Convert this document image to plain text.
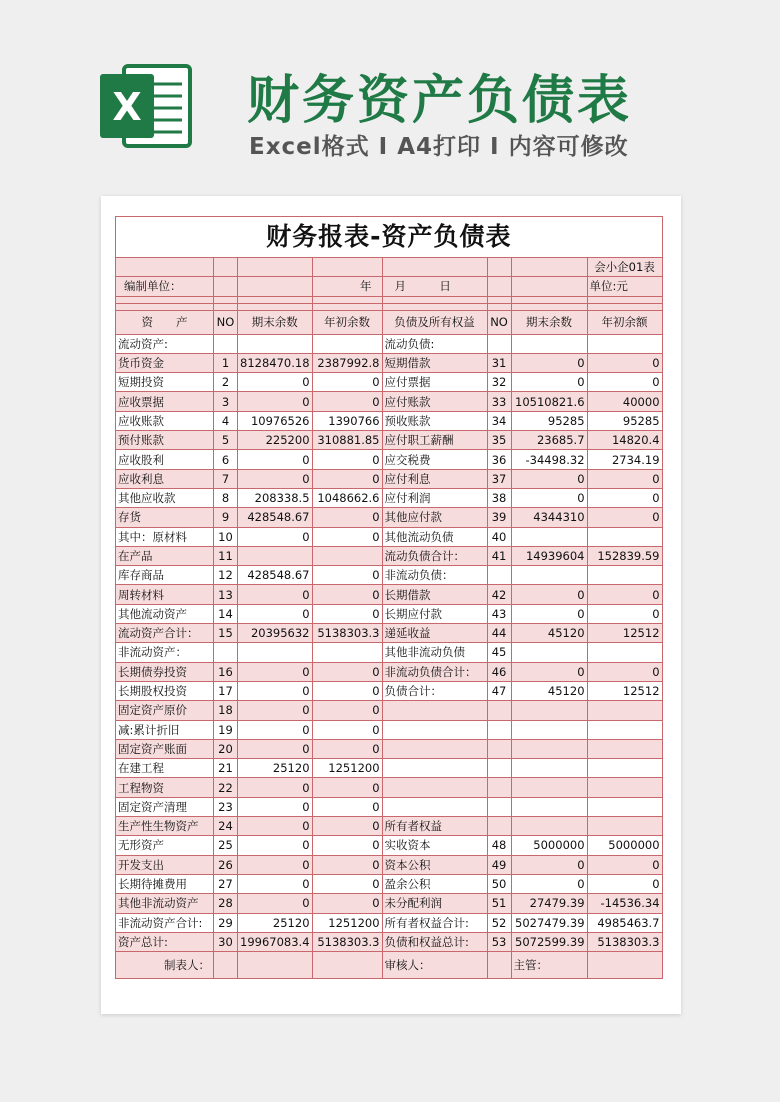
X 财务资产负债表
Excel格式 I A4打印 I 内容可修改
财务报表-资产负债表							
							会小企01表
编制单位：			年	月 日			单位:元

资　　产	NO	期末余数	年初余数	负债及所有权益	NO	期末余数	年初余额
流动资产:				流动负债:			
货币资金	1	8128470.18	2387992.8	短期借款	31	0	0
短期投资	2	0	0	应付票据	32	0	0
应收票据	3	0	0	应付账款	33	10510821.6	40000
应收账款	4	10976526	1390766	预收账款	34	95285	95285
预付账款	5	225200	310881.85	应付职工薪酬	35	23685.7	14820.4
应收股利	6	0	0	应交税费	36	-34498.32	2734.19
应收利息	7	0	0	应付利息	37	0	0
其他应收款	8	208338.5	1048662.6	应付利润	38	0	0
存货	9	428548.67	0	其他应付款	39	4344310	0
其中：原材料	10	0	0	其他流动负债	40		
在产品	11			流动负债合计：	41	14939604	152839.59
库存商品	12	428548.67	0	非流动负债：			
周转材料	13	0	0	长期借款	42	0	0
其他流动资产	14	0	0	长期应付款	43	0	0
流动资产合计：	15	20395632	5138303.3	递延收益	44	45120	12512
非流动资产：				其他非流动负债	45		
长期债券投资	16	0	0	非流动负债合计：	46	0	0
长期股权投资	17	0	0	负债合计：	47	45120	12512
固定资产原价	18	0	0				
减:累计折旧	19	0	0				
固定资产账面	20	0	0				
在建工程	21	25120	1251200				
工程物资	22	0	0				
固定资产清理	23	0	0				
生产性生物资产	24	0	0	所有者权益			
无形资产	25	0	0	实收资本	48	5000000	5000000
开发支出	26	0	0	资本公积	49	0	0
长期待摊费用	27	0	0	盈余公积	50	0	0
其他非流动资产	28	0	0	未分配利润	51	27479.39	-14536.34
非流动资产合计:	29	25120	1251200	所有者权益合计:	52	5027479.39	4985463.7
资产总计:	30	19967083.4	5138303.3	负债和权益总计:	53	5072599.39	5138303.3
制表人：				审核人：		主管：	
